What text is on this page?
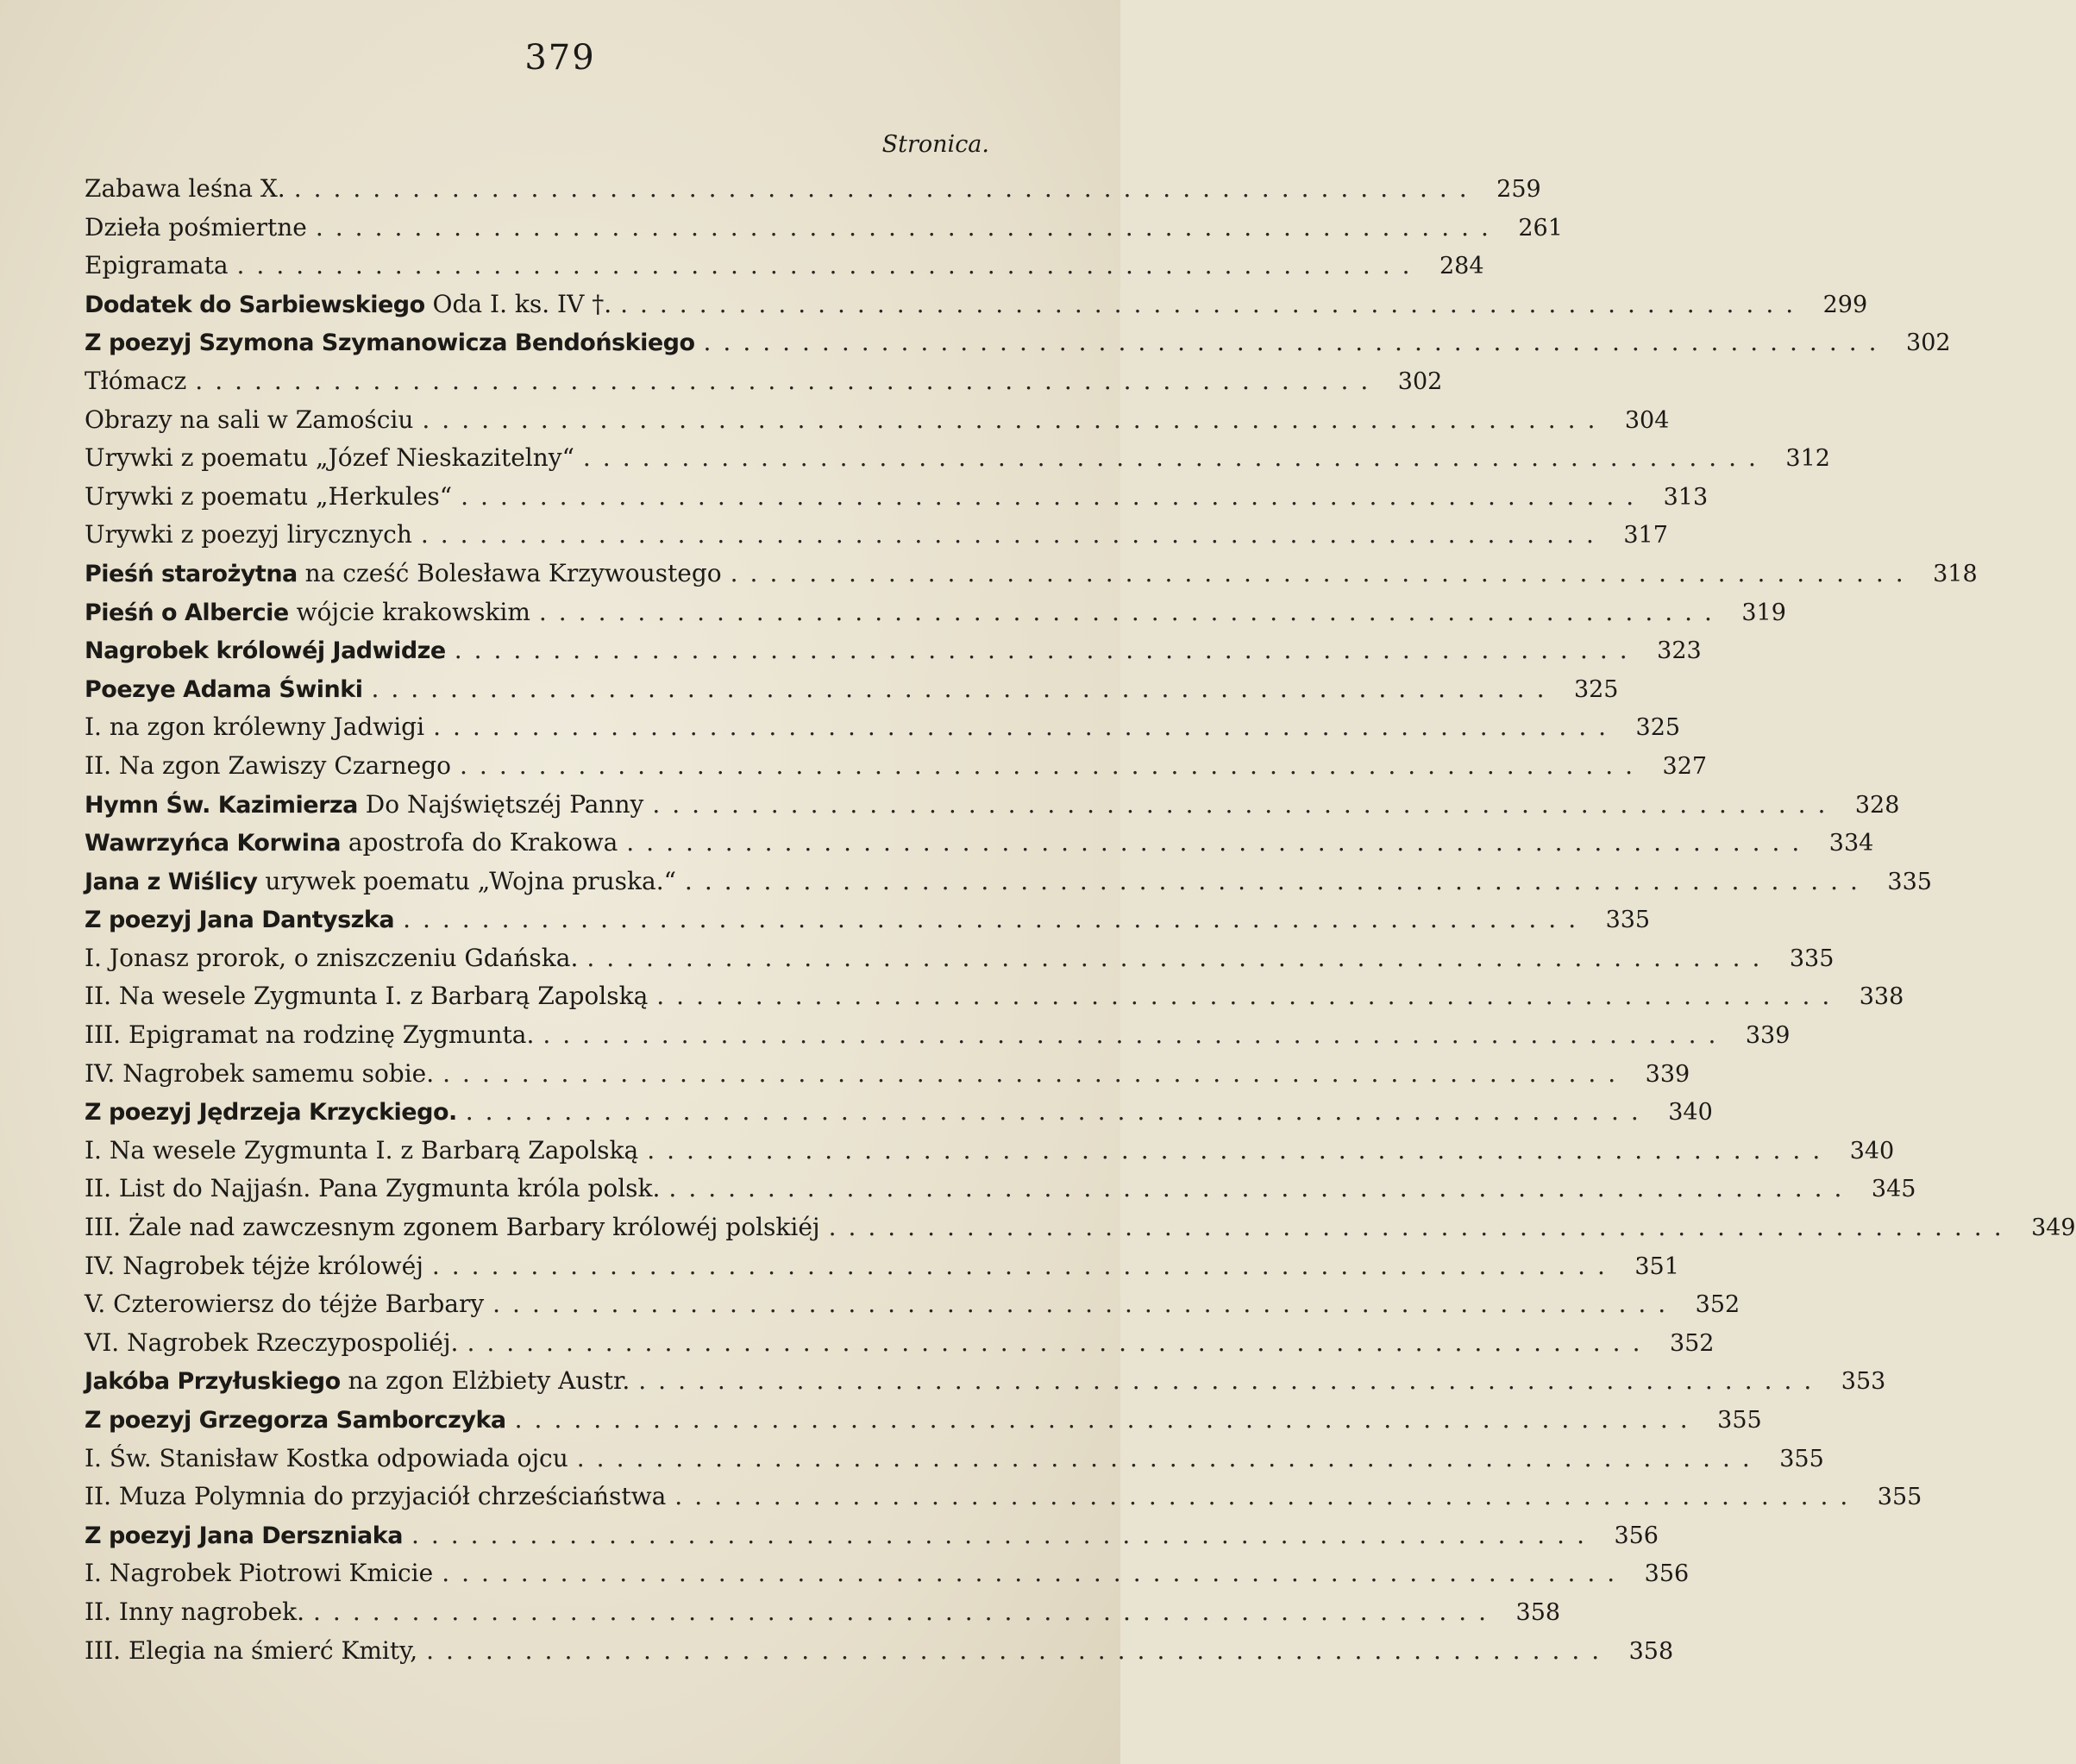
379
Stronica.
Zabawa leśna X. ............................................................ 259
Dzieła pośmiertne ............................................................ 261
Epigramata ............................................................ 284
Dodatek do Sarbiewskiego Oda I. ks. IV †. ............................................................ 299
Z poezyj Szymona Szymanowicza Bendońskiego ............................................................ 302
Tłómacz ............................................................ 302
Obrazy na sali w Zamościu ............................................................ 304
Urywki z poematu „Józef Nieskazitelny“ ............................................................ 312
Urywki z poematu „Herkules“ ............................................................ 313
Urywki z poezyj lirycznych ............................................................ 317
Pieśń starożytna na cześć Bolesława Krzywoustego ............................................................ 318
Pieśń o Albercie wójcie krakowskim ............................................................ 319
Nagrobek królowéj Jadwidze ............................................................ 323
Poezye Adama Świnki ............................................................ 325
I. na zgon królewny Jadwigi ............................................................ 325
II. Na zgon Zawiszy Czarnego ............................................................ 327
Hymn Św. Kazimierza Do Najświętszéj Panny ............................................................ 328
Wawrzyńca Korwina apostrofa do Krakowa ............................................................ 334
Jana z Wiślicy urywek poematu „Wojna pruska.“ ............................................................ 335
Z poezyj Jana Dantyszka ............................................................ 335
I. Jonasz prorok, o zniszczeniu Gdańska. ............................................................ 335
II. Na wesele Zygmunta I. z Barbarą Zapolską ............................................................ 338
III. Epigramat na rodzinę Zygmunta. ............................................................ 339
IV. Nagrobek samemu sobie. ............................................................ 339
Z poezyj Jędrzeja Krzyckiego. ............................................................ 340
I. Na wesele Zygmunta I. z Barbarą Zapolską ............................................................ 340
II. List do Najjaśn. Pana Zygmunta króla polsk. ............................................................ 345
III. Żale nad zawczesnym zgonem Barbary królowéj polskiéj ............................................................ 349
IV. Nagrobek téjże królowéj ............................................................ 351
V. Czterowiersz do téjże Barbary ............................................................ 352
VI. Nagrobek Rzeczypospoliéj. ............................................................ 352
Jakóba Przyłuskiego na zgon Elżbiety Austr. ............................................................ 353
Z poezyj Grzegorza Samborczyka ............................................................ 355
I. Św. Stanisław Kostka odpowiada ojcu ............................................................ 355
II. Muza Polymnia do przyjaciół chrześciaństwa ............................................................ 355
Z poezyj Jana Derszniaka ............................................................ 356
I. Nagrobek Piotrowi Kmicie ............................................................ 356
II. Inny nagrobek. ............................................................ 358
III. Elegia na śmierć Kmity, ............................................................ 358
